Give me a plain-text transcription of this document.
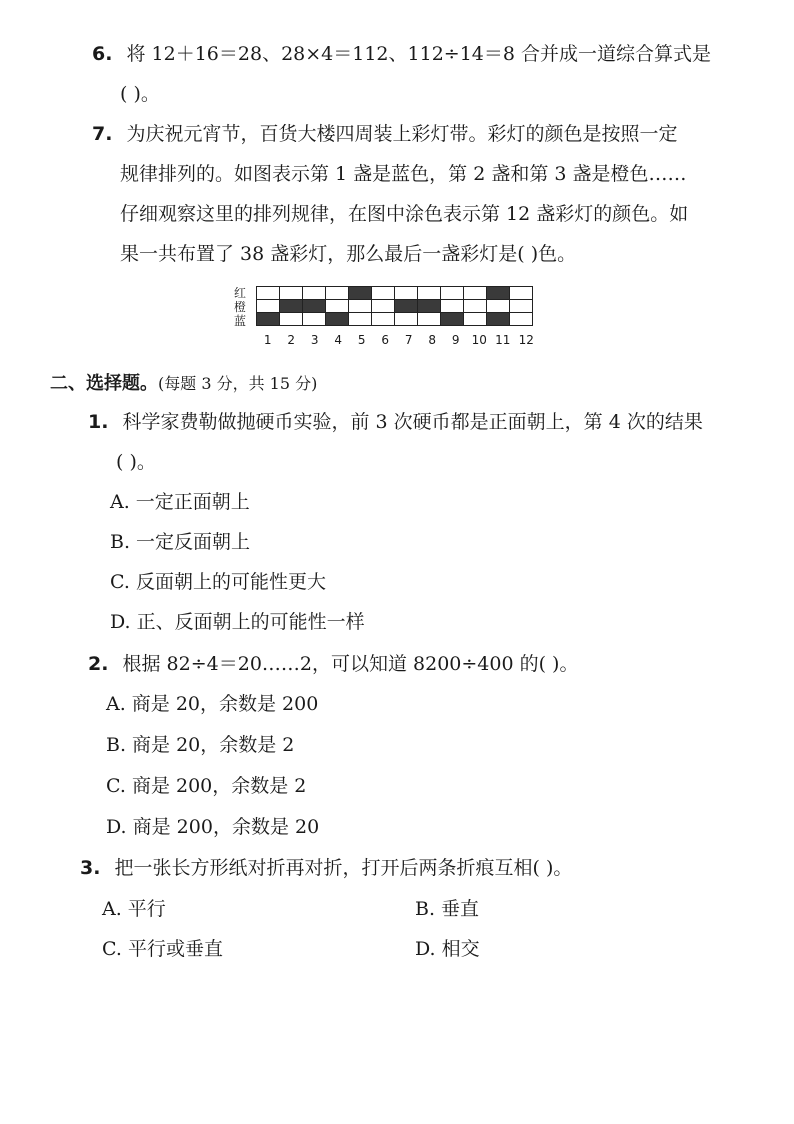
6. 将 12＋16＝28、28×4＝112、112÷14＝8 合并成一道综合算式是
( )。
7. 为庆祝元宵节，百货大楼四周装上彩灯带。彩灯的颜色是按照一定
规律排列的。如图表示第 1 盏是蓝色，第 2 盏和第 3 盏是橙色……
仔细观察这里的排列规律，在图中涂色表示第 12 盏彩灯的颜色。如
果一共布置了 38 盏彩灯，那么最后一盏彩灯是( )色。
红
橙
蓝

1	2	3	4	5	6	7	8	9	10 11 12
二、选择题。(每题 3 分，共 15 分)
1. 科学家费勒做抛硬币实验，前 3 次硬币都是正面朝上，第 4 次的结果
( )。
A. 一定正面朝上
B. 一定反面朝上
C. 反面朝上的可能性更大
D. 正、反面朝上的可能性一样
2. 根据 82÷4＝20……2，可以知道 8200÷400 的( )。
A. 商是 20，余数是 200
B. 商是 20，余数是 2
C. 商是 200，余数是 2
D. 商是 200，余数是 20
3. 把一张长方形纸对折再对折，打开后两条折痕互相( )。
A. 平行	B. 垂直
C. 平行或垂直	D. 相交
